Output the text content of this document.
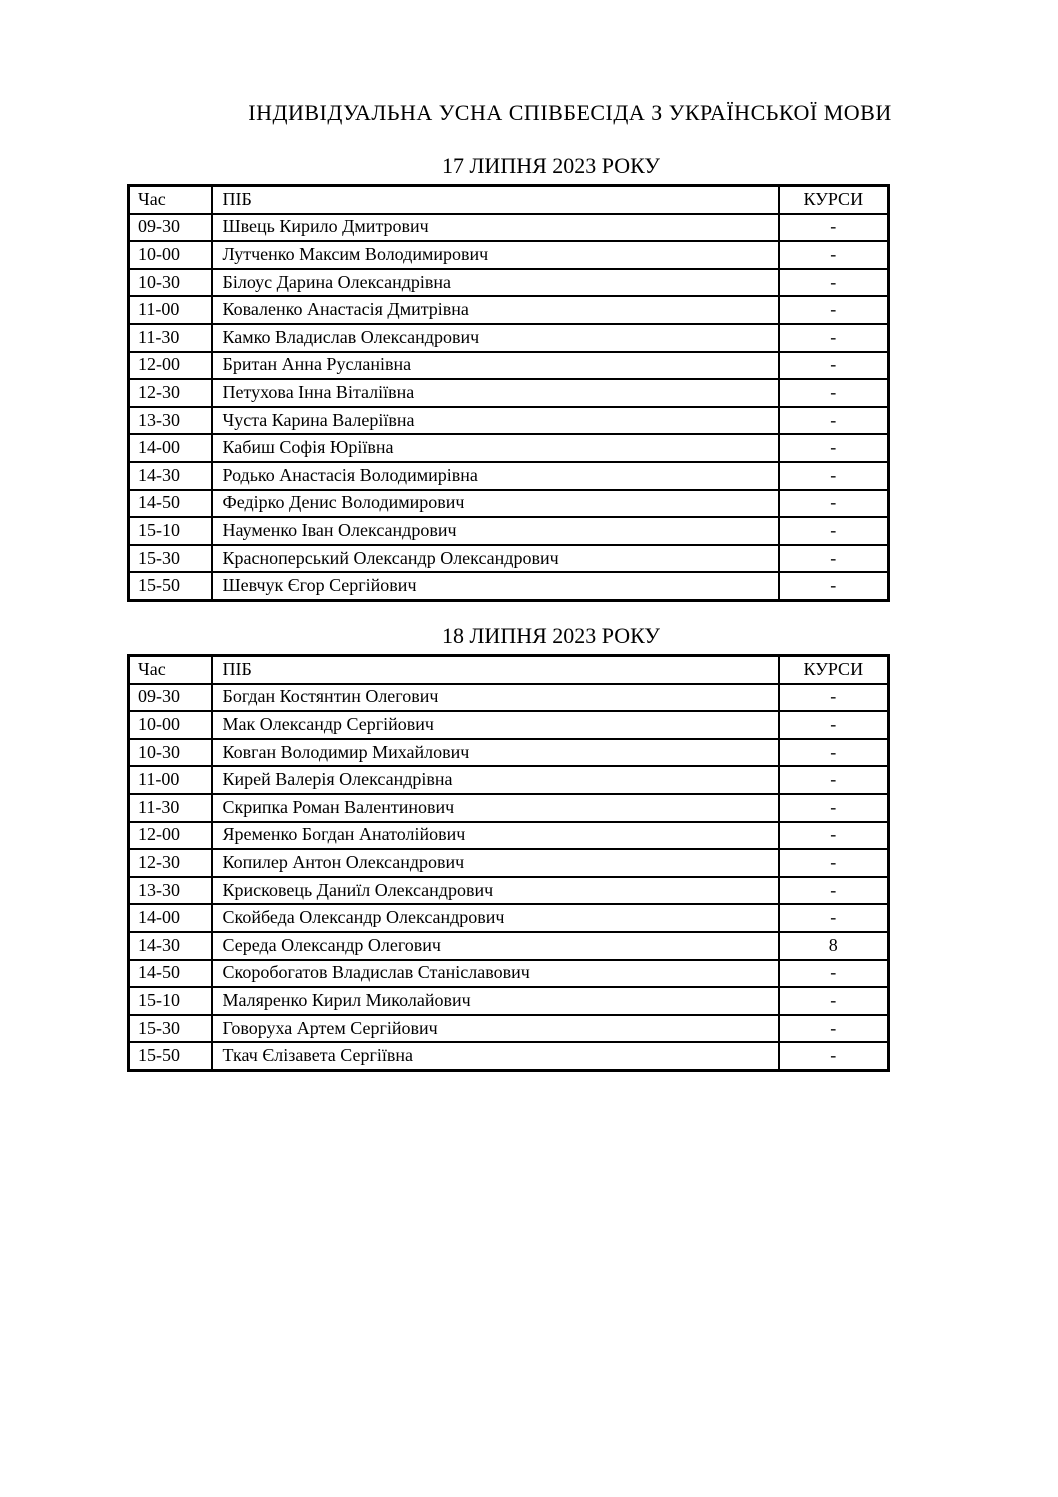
ІНДИВІДУАЛЬНА УСНА СПІВБЕСІДА З УКРАЇНСЬКОЇ МОВИ
17 ЛИПНЯ 2023 РОКУ
Час	ПІБ	КУРСИ
09-30	Швець Кирило Дмитрович	-
10-00	Лутченко Максим Володимирович	-
10-30	Білоус Дарина Олександрівна	-
11-00	Коваленко Анастасія Дмитрівна	-
11-30	Камко Владислав Олександрович	-
12-00	Британ Анна Русланівна	-
12-30	Петухова Інна Віталіївна	-
13-30	Чуста Карина Валеріївна	-
14-00	Кабиш Софія Юріївна	-
14-30	Родько Анастасія Володимирівна	-
14-50	Федірко Денис Володимирович	-
15-10	Науменко Іван Олександрович	-
15-30	Красноперський Олександр Олександрович	-
15-50	Шевчук Єгор Сергійович	-
18 ЛИПНЯ 2023 РОКУ
Час	ПІБ	КУРСИ
09-30	Богдан Костянтин Олегович	-
10-00	Мак Олександр Сергійович	-
10-30	Ковган Володимир Михайлович	-
11-00	Кирей Валерія Олександрівна	-
11-30	Скрипка Роман Валентинович	-
12-00	Яременко Богдан Анатолійович	-
12-30	Копилер Антон Олександрович	-
13-30	Крисковець Даниїл Олександрович	-
14-00	Скойбеда Олександр Олександрович	-
14-30	Середа Олександр Олегович	8
14-50	Скоробогатов Владислав Станіславович	-
15-10	Маляренко Кирил Миколайович	-
15-30	Говоруха Артем Сергійович	-
15-50	Ткач Єлізавета Сергіївна	-
